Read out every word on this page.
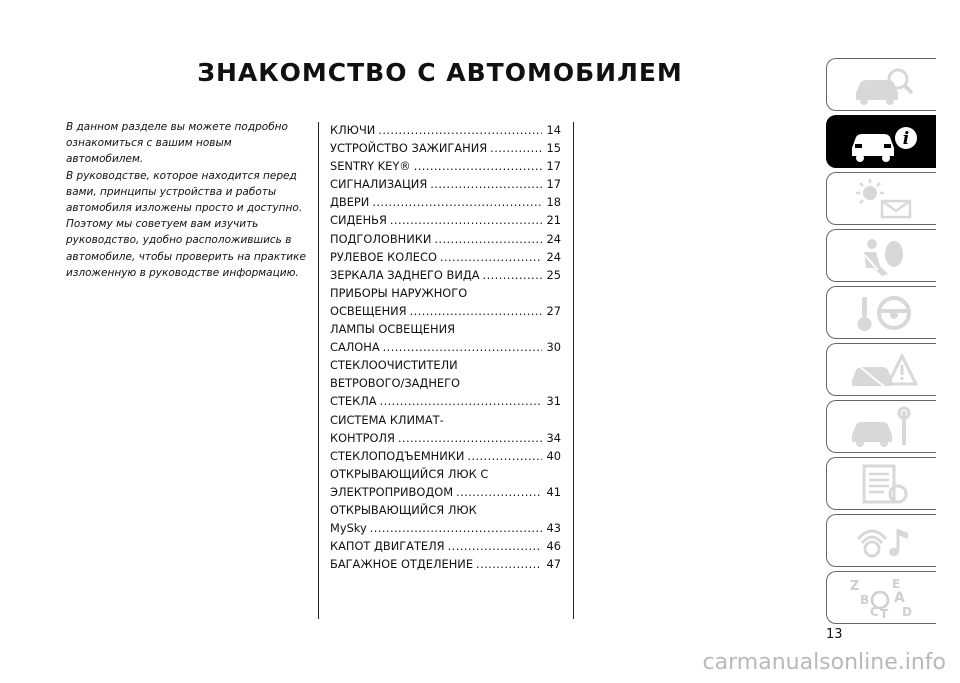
ЗНАКОМСТВО С АВТОМОБИЛЕМ

В данном разделе вы можете подробно ознакомиться с вашим новым автомобилем.

В руководстве, которое находится перед вами, принципы устройства и работы автомобиля изложены просто и доступно. Поэтому мы советуем вам изучить руководство, удобно расположившись в автомобиле, чтобы проверить на практике изложенную в руководстве информацию.

КЛЮЧИ . . .	14
УСТРОЙСТВО ЗАЖИГАНИЯ . . .	15
SENTRY KEY® . . .	17
СИГНАЛИЗАЦИЯ . . .	17
ДВЕРИ . . .	18
СИДЕНЬЯ . . .	21
ПОДГОЛОВНИКИ . . .	24
РУЛЕВОЕ КОЛЕСО . . .	24
ЗЕРКАЛА ЗАДНЕГО ВИДА . . .	25
ПРИБОРЫ НАРУЖНОГО
ОСВЕЩЕНИЯ . . .	27
ЛАМПЫ ОСВЕЩЕНИЯ
САЛОНА . . .	30
СТЕКЛООЧИСТИТЕЛИ
ВЕТРОВОГО/ЗАДНЕГО
СТЕКЛА . . .	31
СИСТЕМА КЛИМАТ-
КОНТРОЛЯ . . .	34
СТЕКЛОПОДЪЕМНИКИ . . .	40
ОТКРЫВАЮЩИЙСЯ ЛЮК С
ЭЛЕКТРОПРИВОДОМ . . .	41
ОТКРЫВАЮЩИЙСЯ ЛЮК
MySky . . .	43
КАПОТ ДВИГАТЕЛЯ . . .	46
БАГАЖНОЕ ОТДЕЛЕНИЕ . . .	47
i
Z	E
B A
C T D
13
carmanualsonline.info
